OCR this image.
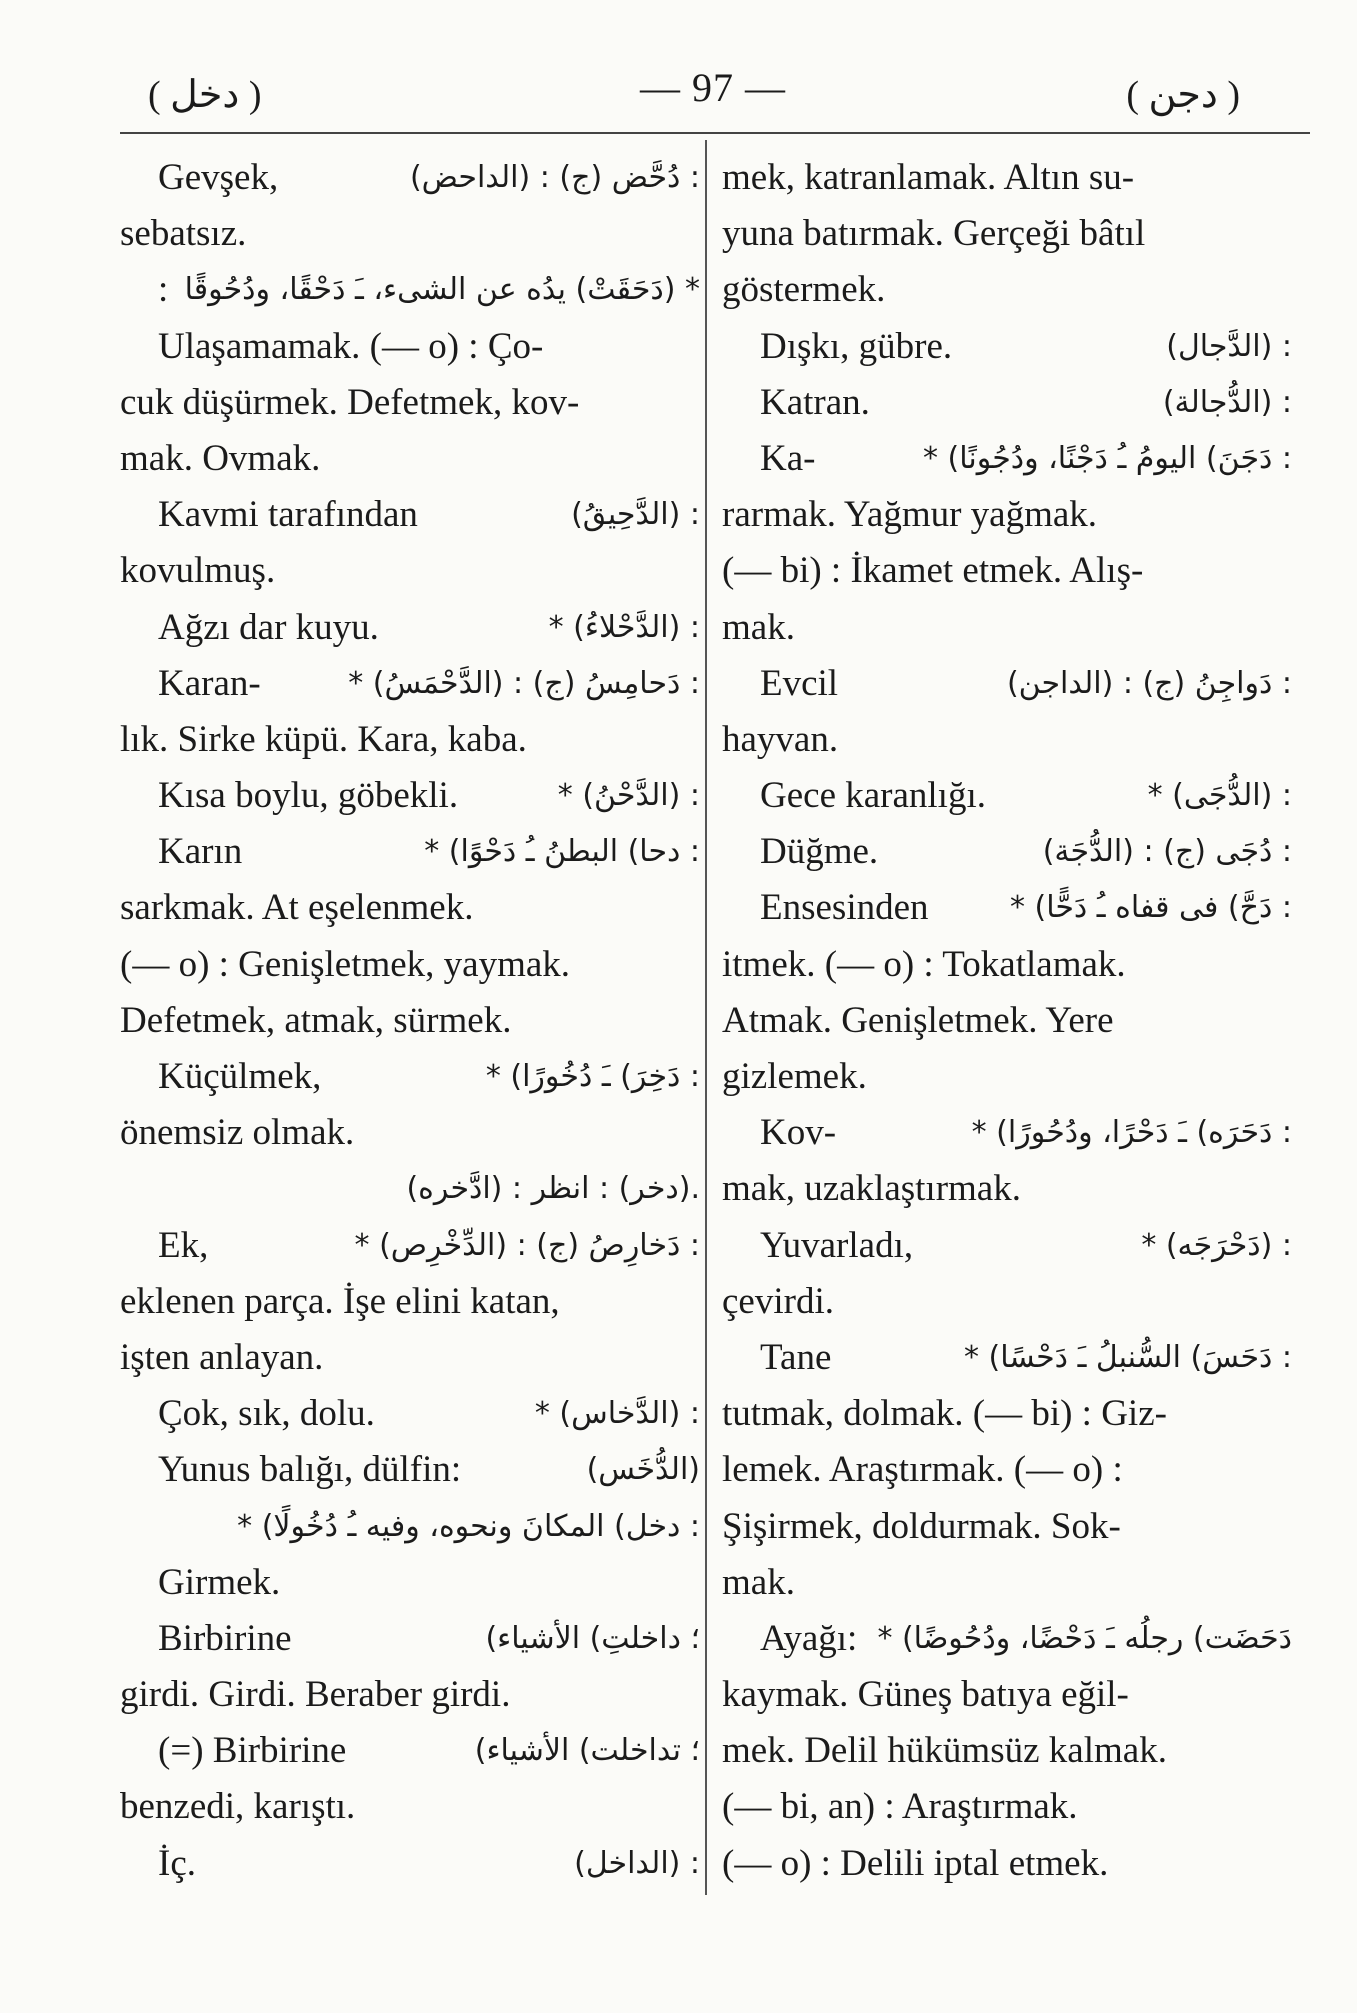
( دخل )	— 97 —	( دجن )
Gevşek,	: دُحَّض (ج) : (الداحض)
sebatsız.
: * (دَحَقَتْ) يدُه عن الشىء، ـَ دَحْقًا، ودُحُوقًا
Ulaşamamak. (— o) : Ço-
cuk düşürmek. Defetmek, kov-
mak. Ovmak.
Kavmi tarafından	: (الدَّحِيقُ)
kovulmuş.
Ağzı dar kuyu.	: (الدَّحْلاءُ) *
Karan-	: دَحامِسُ (ج) : (الدَّحْمَسُ) *
lık. Sirke küpü. Kara, kaba.
Kısa boylu, göbekli.	: (الدَّحْنُ) *
Karın	: دحا) البطنُ ـُ دَحْوًا) *
sarkmak. At eşelenmek.
(— o) : Genişletmek, yaymak.
Defetmek, atmak, sürmek.
Küçülmek,	: دَخِرَ) ـَ دُخُورًا) *
önemsiz olmak.
.(دخر) : انظر : (ادَّخره)
Ek,	: دَخارِصُ (ج) : (الدِّخْرِص) *
eklenen parça. İşe elini katan,
işten anlayan.
Çok, sık, dolu.	: (الدَّخاس) *
Yunus balığı, dülfin:	(الدُّخَس)
: دخل) المكانَ ونحوه، وفيه ـُ دُخُولًا) *
Girmek.
Birbirine	؛ داخلتِ) الأشياء)
girdi. Girdi. Beraber girdi.
(=) Birbirine	؛ تداخلت) الأشياء)
benzedi, karıştı.
İç.	: (الداخل)
mek, katranlamak. Altın su-
yuna batırmak. Gerçeği bâtıl
göstermek.
Dışkı, gübre.	: (الدَّجال)
Katran.	: (الدُّجالة)
Ka-	: دَجَنَ) اليومُ ـُ دَجْنًا، ودُجُونًا) *
rarmak. Yağmur yağmak.
(— bi) : İkamet etmek. Alış-
mak.
Evcil	: دَواجِنُ (ج) : (الداجن)
hayvan.
Gece karanlığı.	: (الدُّجَى) *
Düğme.	: دُجَى (ج) : (الدُّجَة)
Ensesinden	: دَحَّ) فى قفاه ـُ دَحًّا) *
itmek. (— o) : Tokatlamak.
Atmak. Genişletmek. Yere
gizlemek.
Kov-	: دَحَرَه) ـَ دَحْرًا، ودُحُورًا) *
mak, uzaklaştırmak.
Yuvarladı,	: (دَحْرَجَه) *
çevirdi.
Tane	: دَحَسَ) السُّنبلُ ـَ دَحْسًا) *
tutmak, dolmak. (— bi) : Giz-
lemek. Araştırmak. (— o) :
Şişirmek, doldurmak. Sok-
mak.
Ayağı: دَحَضَت) رجلُه ـَ دَحْضًا، ودُحُوضًا) *
kaymak. Güneş batıya eğil-
mek. Delil hükümsüz kalmak.
(— bi, an) : Araştırmak.
(— o) : Delili iptal etmek.
